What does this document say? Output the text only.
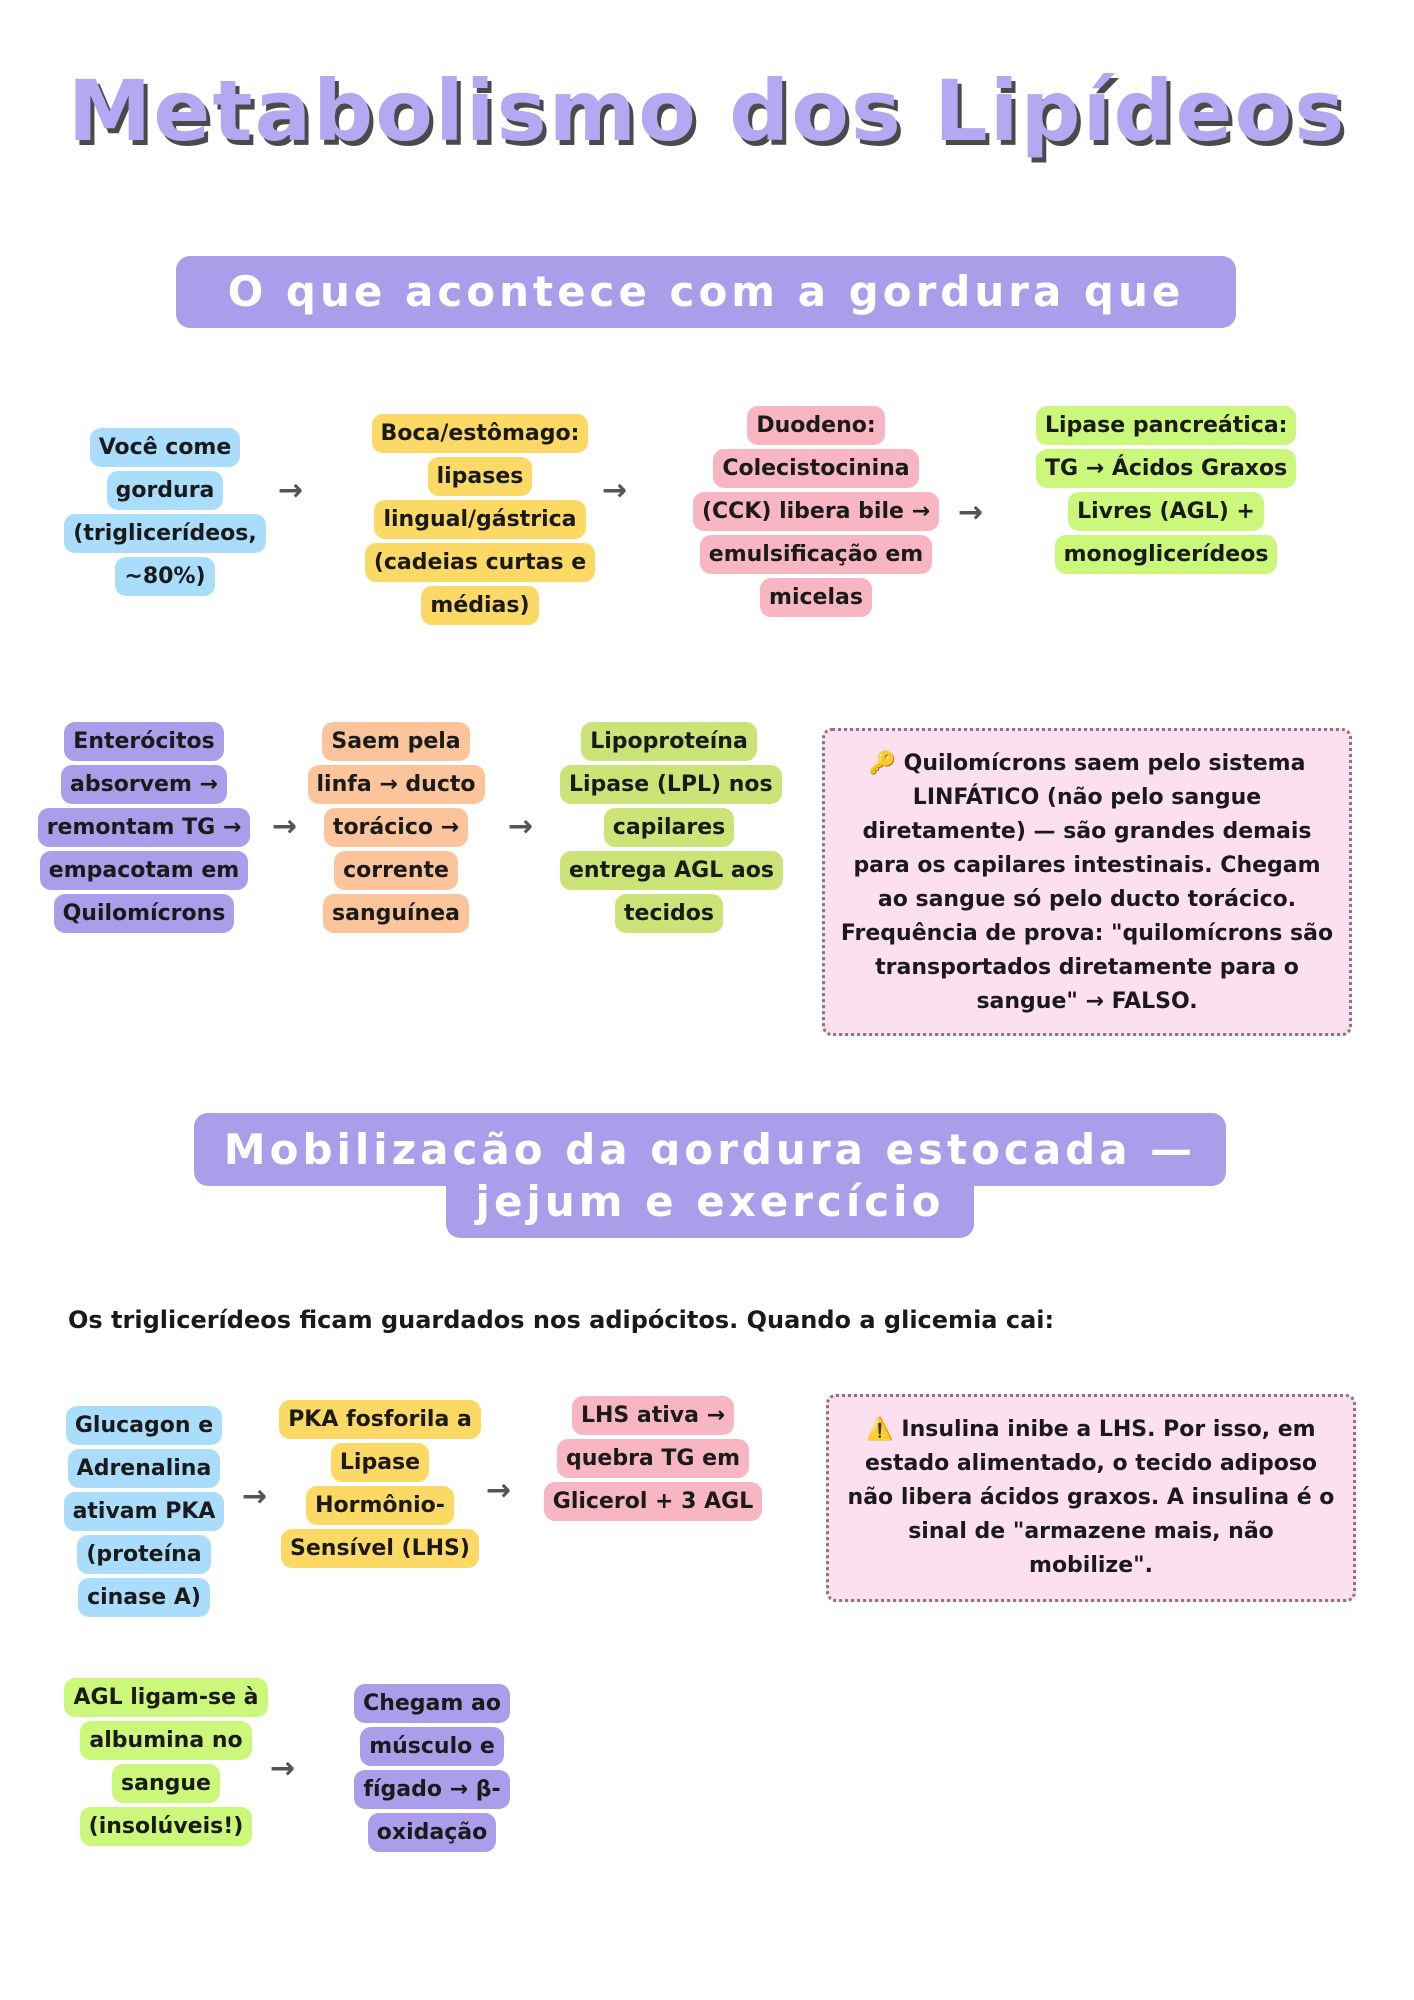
Metabolismo dos Lipídeos
O que acontece com a gordura que você come
Você come gordura (triglicerídeos, ~80%)
→
Boca/estômago: lipases lingual/gástrica (cadeias curtas e médias)
→
Duodeno: Colecistocinina (CCK) libera bile → emulsificação em micelas
→
Lipase pancreática: TG → Ácidos Graxos Livres (AGL) + monoglicerídeos
Enterócitos absorvem → remontam TG → empacotam em Quilomícrons
→
Saem pela linfa → ducto torácico → corrente sanguínea
→
Lipoproteína Lipase (LPL) nos capilares entrega AGL aos tecidos
🔑 Quilomícrons saem pelo sistema LINFÁTICO (não pelo sangue diretamente) — são grandes demais para os capilares intestinais. Chegam ao sangue só pelo ducto torácico. Frequência de prova: "quilomícrons são transportados diretamente para o sangue" → FALSO.
Mobilização da gordura estocada — jejum e exercício
Os triglicerídeos ficam guardados nos adipócitos. Quando a glicemia cai:
Glucagon e Adrenalina ativam PKA (proteína cinase A)
→
PKA fosforila a Lipase Hormônio-Sensível (LHS)
→
LHS ativa → quebra TG em Glicerol + 3 AGL
⚠️ Insulina inibe a LHS. Por isso, em estado alimentado, o tecido adiposo não libera ácidos graxos. A insulina é o sinal de "armazene mais, não mobilize".
AGL ligam-se à albumina no sangue (insolúveis!)
→
Chegam ao músculo e fígado → β-oxidação
